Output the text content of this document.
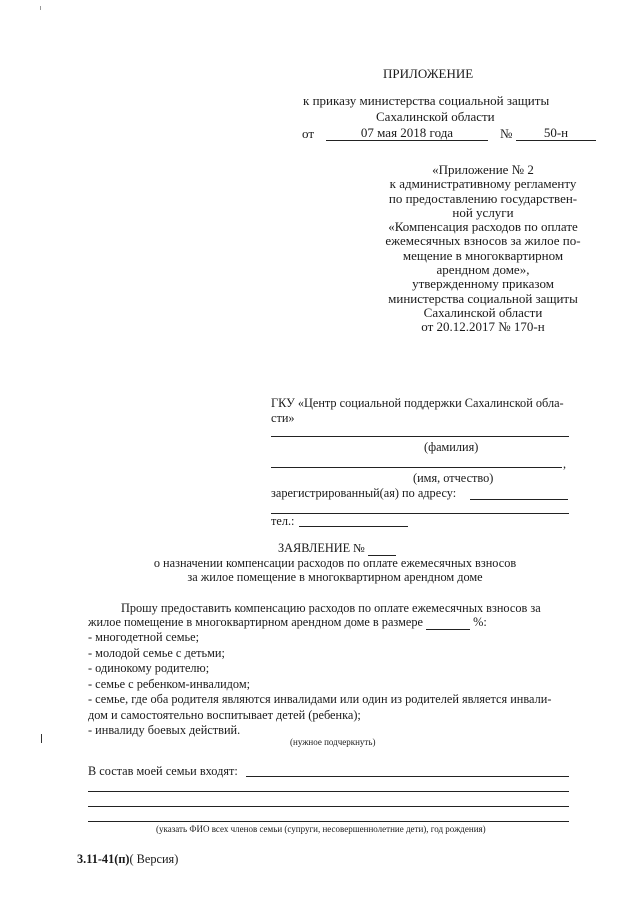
ПРИЛОЖЕНИЕ
к приказу министерства социальной защиты
Сахалинской области
от	07 мая 2018 года	№	50-н
«Приложение № 2
к административному регламенту
по предоставлению государствен-
ной услуги
«Компенсация расходов по оплате
ежемесячных взносов за жилое по-
мещение в многоквартирном
арендном доме»,
утвержденному приказом
министерства социальной защиты
Сахалинской области
от 20.12.2017 № 170-н
ГКУ «Центр социальной поддержки Сахалинской обла-
сти»
(фамилия)
,
(имя, отчество)
зарегистрированный(ая) по адресу:
тел.:
ЗАЯВЛЕНИЕ №
о назначении компенсации расходов по оплате ежемесячных взносов
за жилое помещение в многоквартирном арендном доме
Прошу предоставить компенсацию расходов по оплате ежемесячных взносов за
жилое помещение в многоквартирном арендном доме в размере	%:
- многодетной семье;
- молодой семье с детьми;
- одинокому родителю;
- семье с ребенком-инвалидом;
- семье, где оба родителя являются инвалидами или один из родителей является инвали-
дом и самостоятельно воспитывает детей (ребенка);
- инвалиду боевых действий.
(нужное подчеркнуть)
В состав моей семьи входят:
(указать ФИО всех членов семьи (супруги, несовершеннолетние дети), год рождения)
3.11-41(п)( Версия)
